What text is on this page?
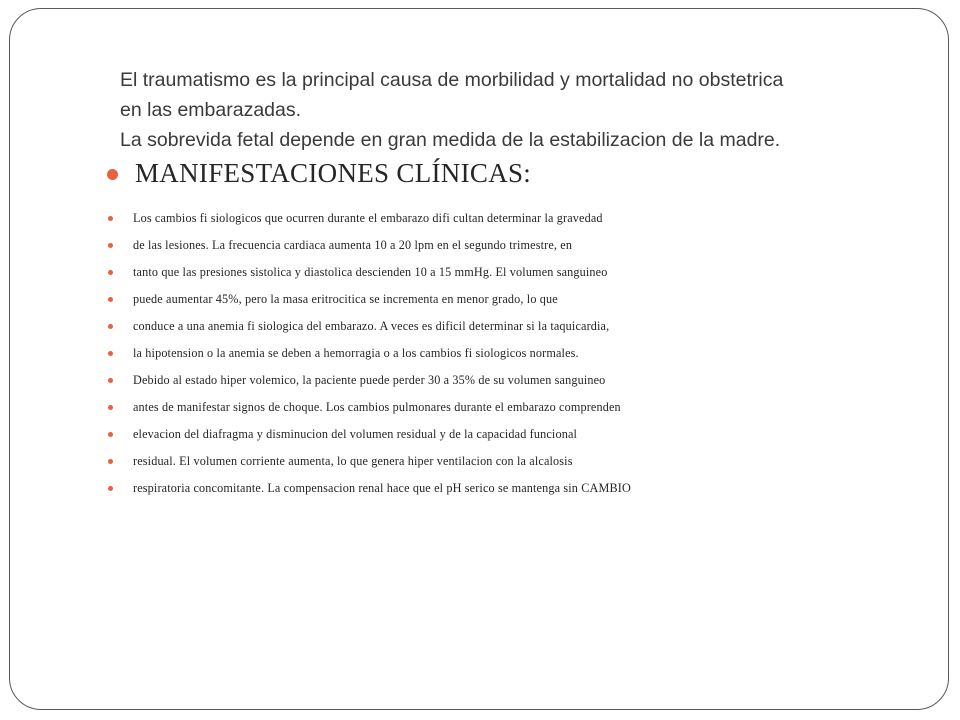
El traumatismo es la principal causa de morbilidad y mortalidad no obstetrica
en las embarazadas.
La sobrevida fetal depende en gran medida de la estabilizacion de la madre.

MANIFESTACIONES CLÍNICAS:
Los cambios fi siologicos que ocurren durante el embarazo difi cultan determinar la gravedad
de las lesiones. La frecuencia cardiaca aumenta 10 a 20 lpm en el segundo trimestre, en
tanto que las presiones sistolica y diastolica descienden 10 a 15 mmHg. El volumen sanguineo
puede aumentar 45%, pero la masa eritrocitica se incrementa en menor grado, lo que
conduce a una anemia fi siologica del embarazo. A veces es dificil determinar si la taquicardia,
la hipotension o la anemia se deben a hemorragia o a los cambios fi siologicos normales.
Debido al estado hiper volemico, la paciente puede perder 30 a 35% de su volumen sanguineo
antes de manifestar signos de choque. Los cambios pulmonares durante el embarazo comprenden
elevacion del diafragma y disminucion del volumen residual y de la capacidad funcional
residual. El volumen corriente aumenta, lo que genera hiper ventilacion con la alcalosis
respiratoria concomitante. La compensacion renal hace que el pH serico se mantenga sin CAMBIO
